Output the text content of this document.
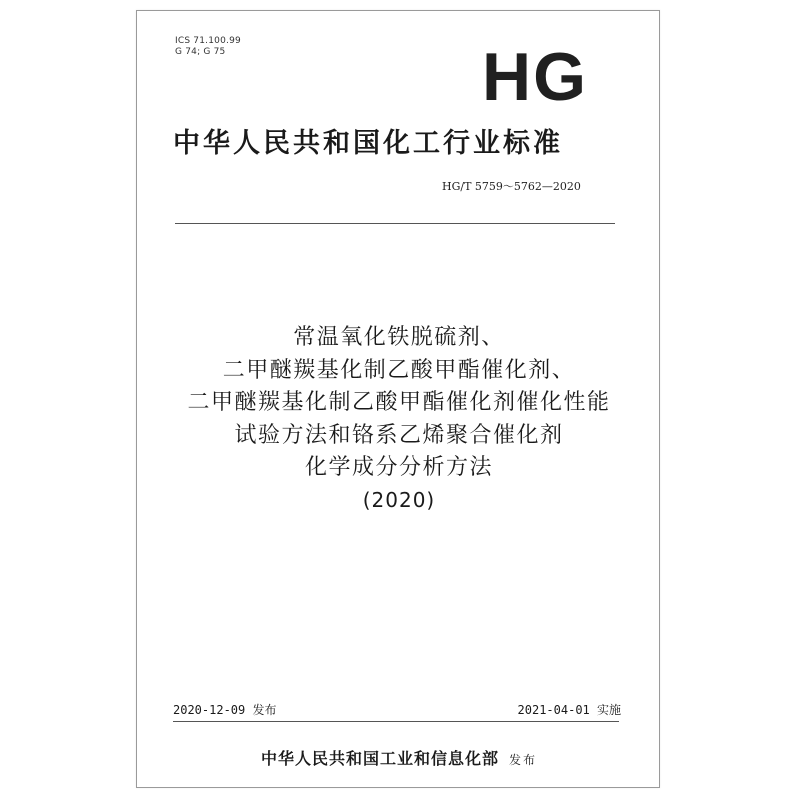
ICS 71.100.99
G 74; G 75	HG
中华人民共和国化工行业标准
HG/T 5759～5762—2020
常温氧化铁脱硫剂、
二甲醚羰基化制乙酸甲酯催化剂、
二甲醚羰基化制乙酸甲酯催化剂催化性能
试验方法和铬系乙烯聚合催化剂
化学成分分析方法
(2020)
2020-12-09 发布	2021-04-01 实施
中华人民共和国工业和信息化部 发布
